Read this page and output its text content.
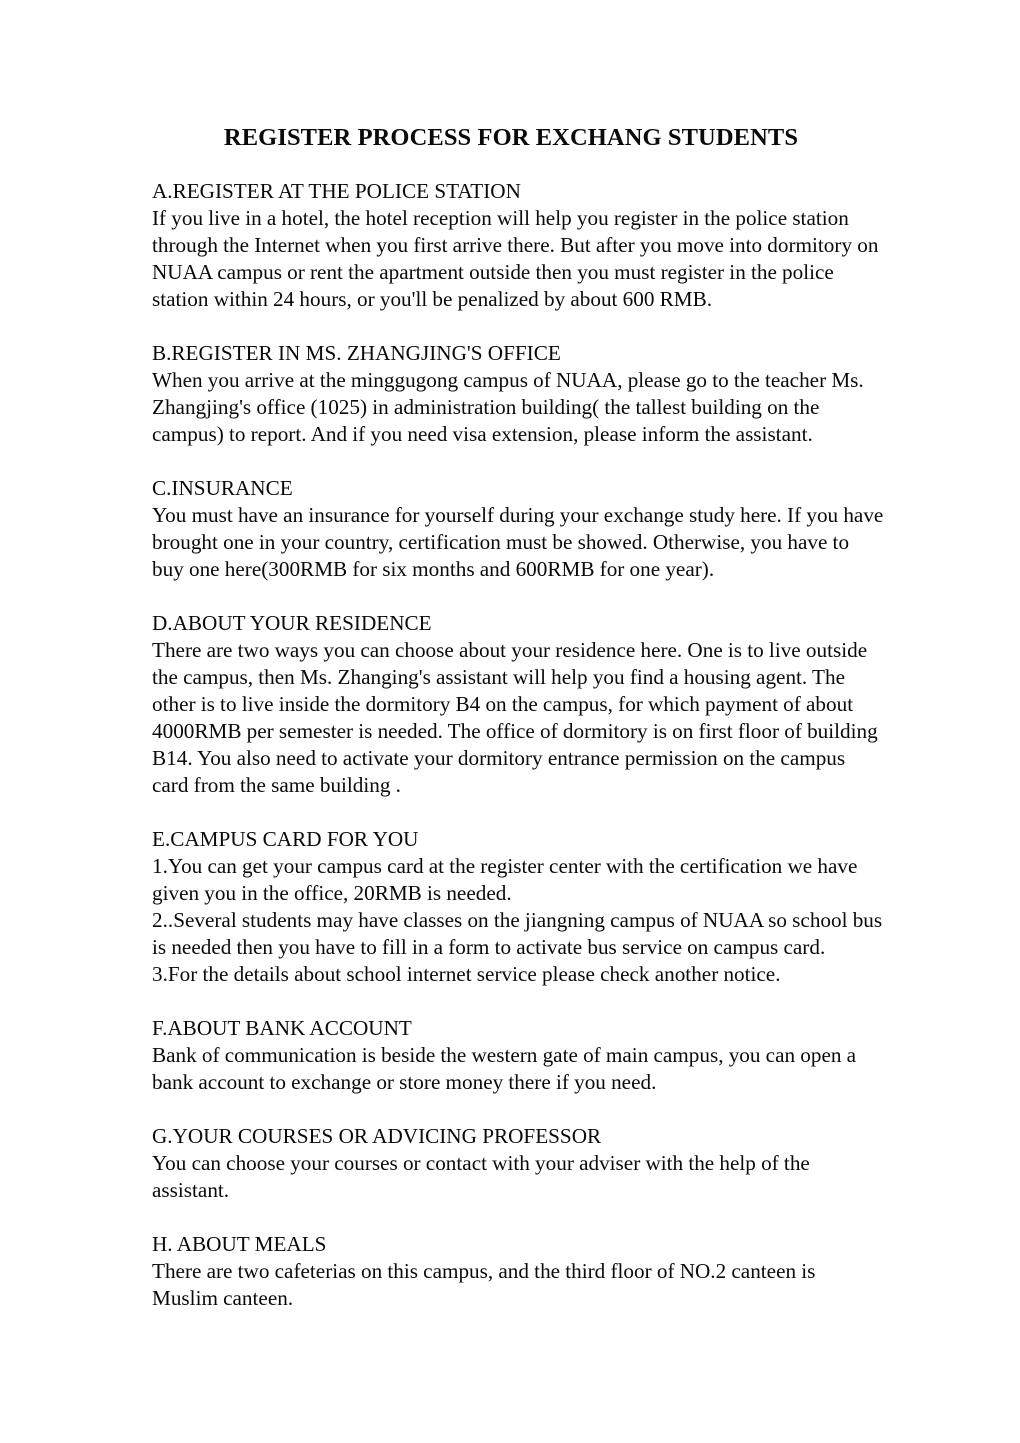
REGISTER PROCESS FOR EXCHANG STUDENTS
A.REGISTER AT THE POLICE STATION
If you live in a hotel, the hotel reception will help you register in the police station
through the Internet when you first arrive there. But after you move into dormitory on
NUAA campus or rent the apartment outside then you must register in the police
station within 24 hours, or you'll be penalized by about 600 RMB.
B.REGISTER IN MS. ZHANGJING'S OFFICE
When you arrive at the minggugong campus of NUAA, please go to the teacher Ms.
Zhangjing's office (1025) in administration building( the tallest building on the
campus) to report. And if you need visa extension, please inform the assistant.
C.INSURANCE
You must have an insurance for yourself during your exchange study here. If you have
brought one in your country, certification must be showed. Otherwise, you have to
buy one here(300RMB for six months and 600RMB for one year).
D.ABOUT YOUR RESIDENCE
There are two ways you can choose about your residence here. One is to live outside
the campus, then Ms. Zhanging's assistant will help you find a housing agent. The
other is to live inside the dormitory B4 on the campus, for which payment of about
4000RMB per semester is needed. The office of dormitory is on first floor of building
B14. You also need to activate your dormitory entrance permission on the campus
card from the same building .
E.CAMPUS CARD FOR YOU
1.You can get your campus card at the register center with the certification we have
given you in the office, 20RMB is needed.
2..Several students may have classes on the jiangning campus of NUAA so school bus
is needed then you have to fill in a form to activate bus service on campus card.
3.For the details about school internet service please check another notice.
F.ABOUT BANK ACCOUNT
Bank of communication is beside the western gate of main campus, you can open a
bank account to exchange or store money there if you need.
G.YOUR COURSES OR ADVICING PROFESSOR
You can choose your courses or contact with your adviser with the help of the
assistant.
H. ABOUT MEALS
There are two cafeterias on this campus, and the third floor of NO.2 canteen is
Muslim canteen.
